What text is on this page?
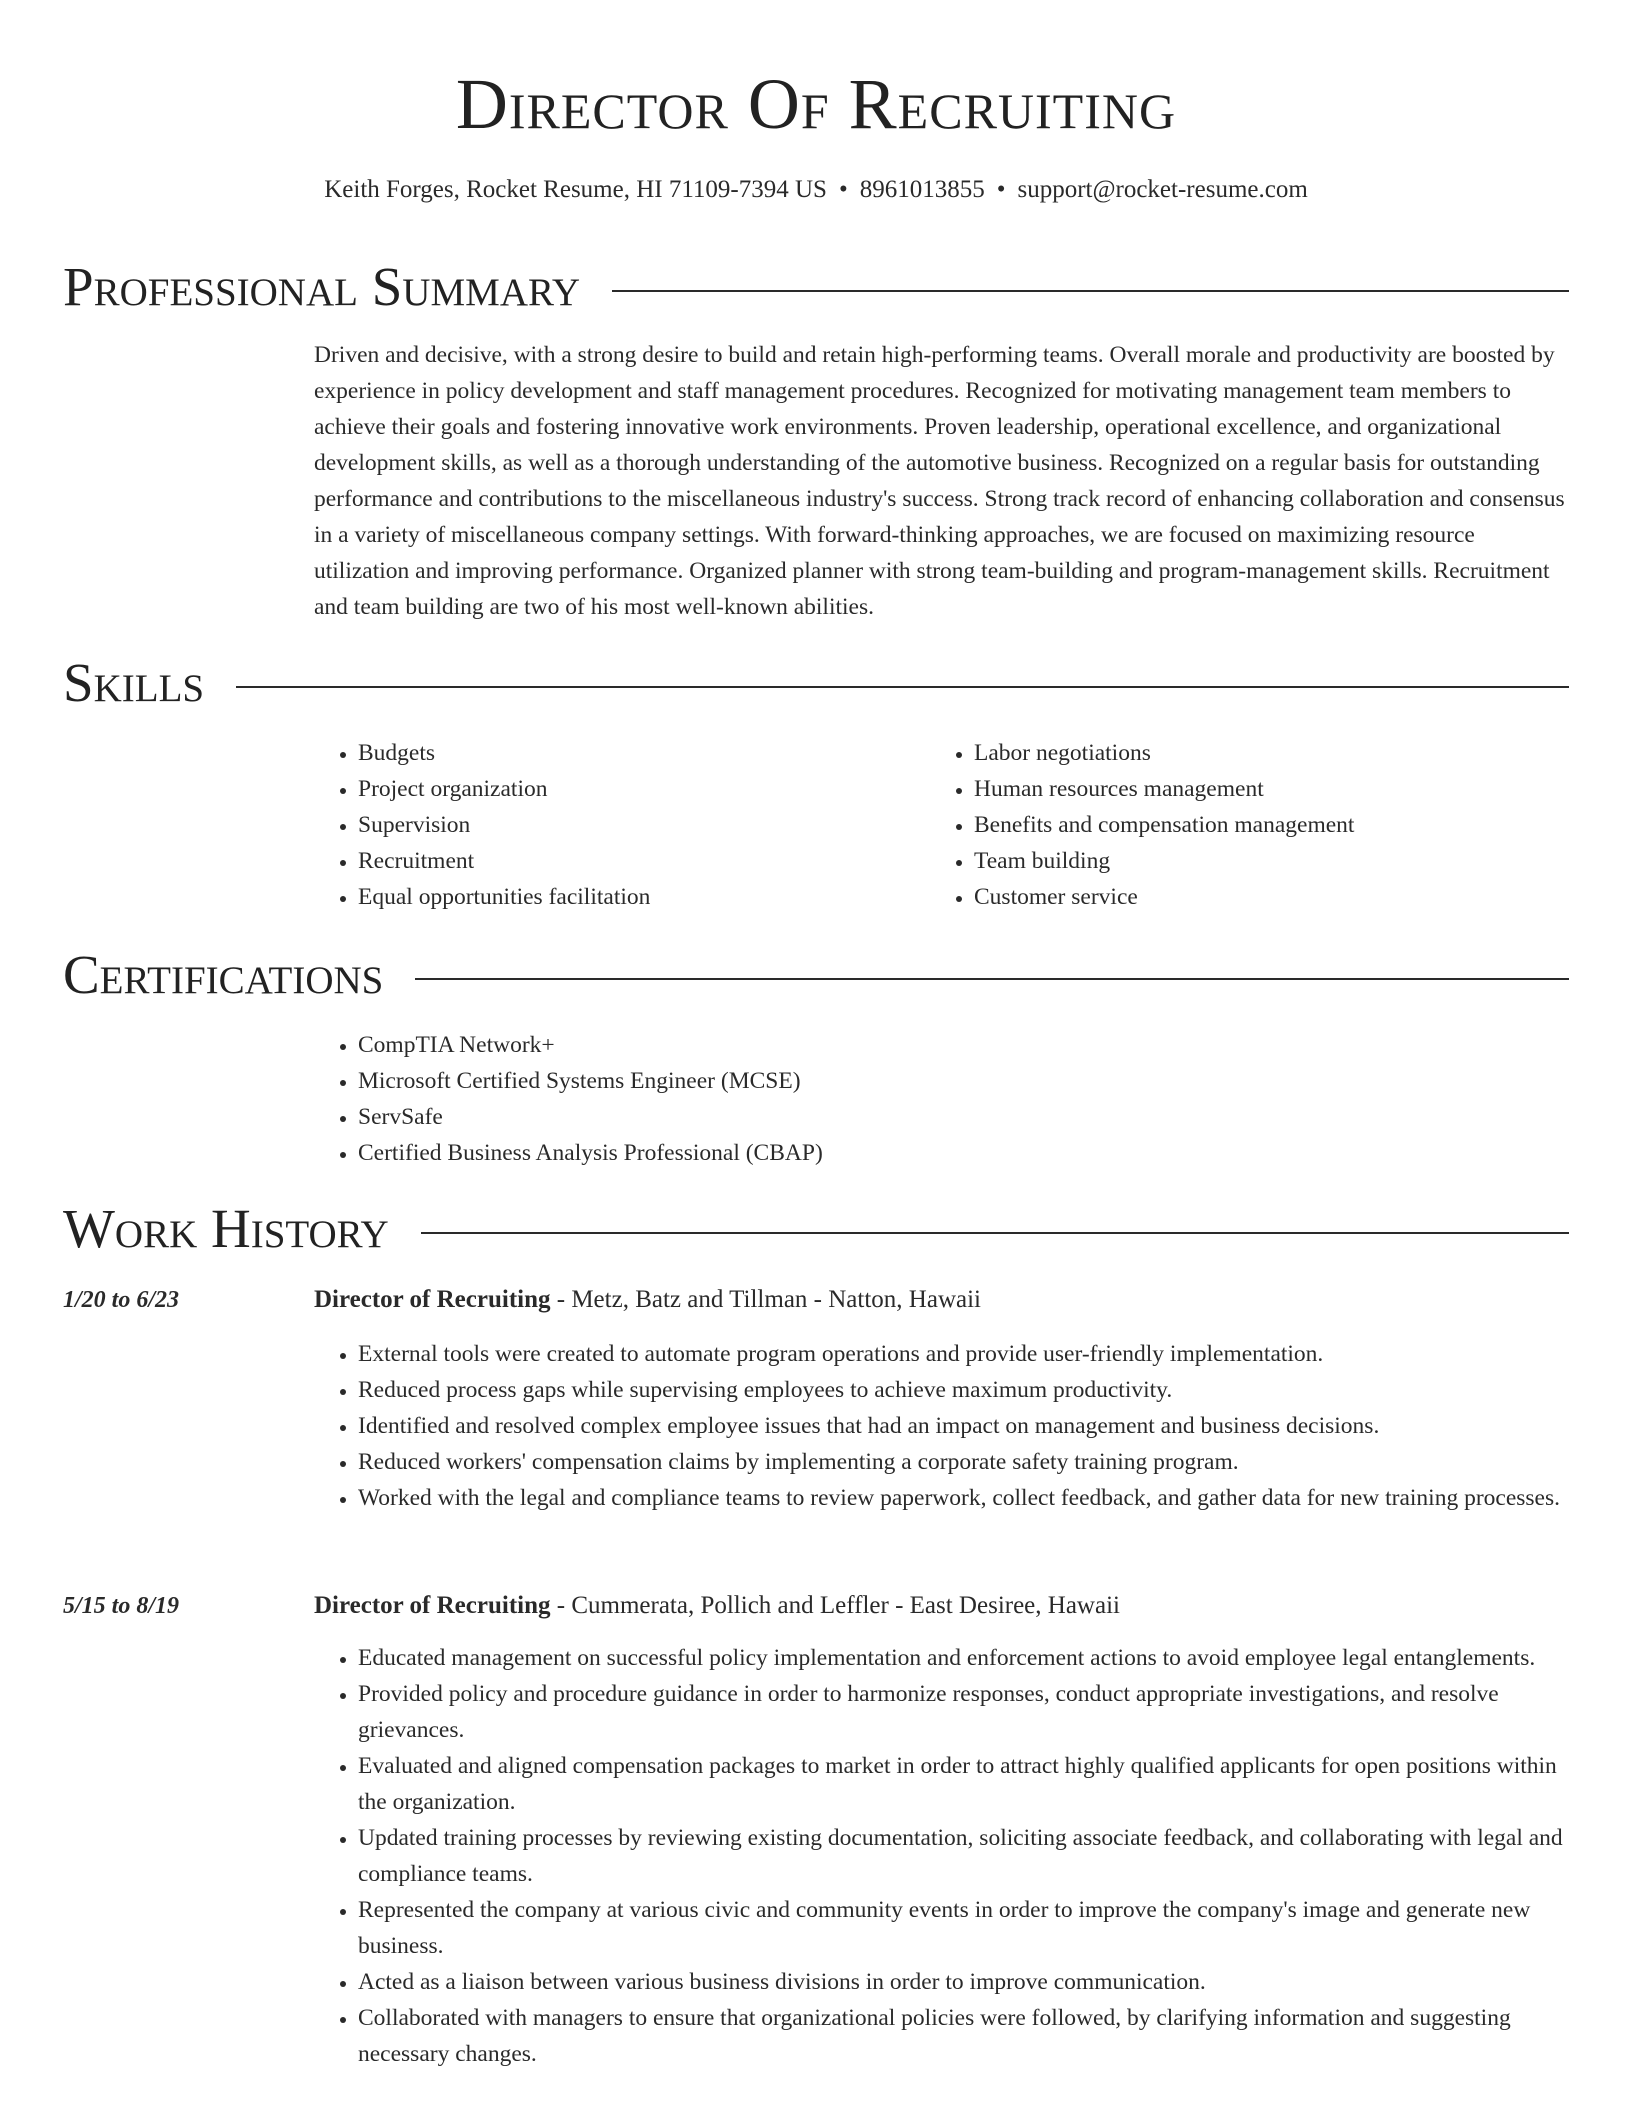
Director Of Recruiting
Keith Forges, Rocket Resume, HI 71109-7394 US • 8961013855 • support@rocket-resume.com
Professional Summary
Driven and decisive, with a strong desire to build and retain high-performing teams. Overall morale and productivity are boosted by experience in policy development and staff management procedures. Recognized for motivating management team members to achieve their goals and fostering innovative work environments. Proven leadership, operational excellence, and organizational development skills, as well as a thorough understanding of the automotive business. Recognized on a regular basis for outstanding performance and contributions to the miscellaneous industry's success. Strong track record of enhancing collaboration and consensus in a variety of miscellaneous company settings. With forward-thinking approaches, we are focused on maximizing resource utilization and improving performance. Organized planner with strong team-building and program-management skills. Recruitment and team building are two of his most well-known abilities.
Skills
• Budgets
• Project organization
• Supervision
• Recruitment
• Equal opportunities facilitation
• Labor negotiations
• Human resources management
• Benefits and compensation management
• Team building
• Customer service
Certifications
• CompTIA Network+
• Microsoft Certified Systems Engineer (MCSE)
• ServSafe
• Certified Business Analysis Professional (CBAP)
Work History
1/20 to 6/23	Director of Recruiting - Metz, Batz and Tillman - Natton, Hawaii
• External tools were created to automate program operations and provide user-friendly implementation.
• Reduced process gaps while supervising employees to achieve maximum productivity.
• Identified and resolved complex employee issues that had an impact on management and business decisions.
• Reduced workers' compensation claims by implementing a corporate safety training program.
• Worked with the legal and compliance teams to review paperwork, collect feedback, and gather data for new training processes.
5/15 to 8/19	Director of Recruiting - Cummerata, Pollich and Leffler - East Desiree, Hawaii
• Educated management on successful policy implementation and enforcement actions to avoid employee legal entanglements.
• Provided policy and procedure guidance in order to harmonize responses, conduct appropriate investigations, and resolve grievances.
• Evaluated and aligned compensation packages to market in order to attract highly qualified applicants for open positions within the organization.
• Updated training processes by reviewing existing documentation, soliciting associate feedback, and collaborating with legal and compliance teams.
• Represented the company at various civic and community events in order to improve the company's image and generate new business.
• Acted as a liaison between various business divisions in order to improve communication.
• Collaborated with managers to ensure that organizational policies were followed, by clarifying information and suggesting necessary changes.
